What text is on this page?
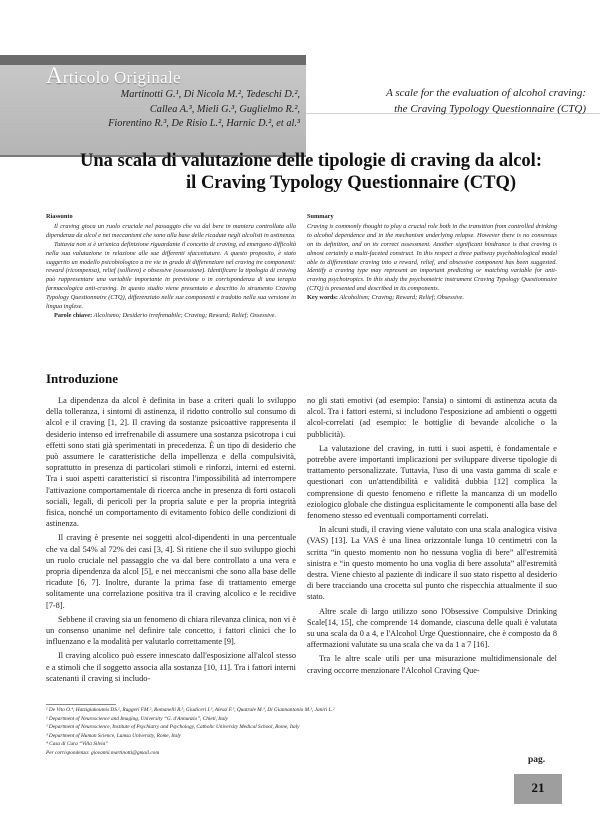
Articolo Originale
Martinotti G.¹, Di Nicola M.², Tedeschi D.²,
Callea A.³, Mieli G.³, Guglielmo R.²,
Fiorentino R.³, De Risio L.², Harnic D.², et al.³
A scale for the evaluation of alcohol craving:
the Craving Typology Questionnaire (CTQ)
Una scala di valutazione delle tipologie di craving da alcol:
il Craving Typology Questionnaire (CTQ)
Riassunto

Il craving gioca un ruolo cruciale nel passaggio che va dal bere in maniera controllata alla dipendenza da alcol e nei meccanismi che sono alla base delle ricadute negli alcolisti in astinenza.

Tuttavia non si è un'unica definizione riguardante il concetto di craving, ed emergono difficoltà nella sua valutazione in relazione alle sue differenti sfaccettature. A questo proposito, è stato suggerito un modello psicobiologico a tre vie in grado di differenziare nel craving tre componenti: reward (ricompensa), relief (sollievo) e obsessive (ossessione). Identificare la tipologia di craving può rappresentare una variabile importante in previsione o in corrispondenza di una terapia farmacologica anti-craving. In questo studio viene presentato e descritto lo strumento Craving Typology Questionnaire (CTQ), differenziato nelle sue componenti e tradotto nella sua versione in lingua inglese.

Parole chiave: Alcolismo; Desiderio irrefrenabile; Craving; Reward; Relief; Ossessive.

Summary

Craving is commonly thought to play a crucial role both in the transition from controlled drinking to alcohol dependence and in the mechanism underlying relapse. However there is no consensus on its definition, and on its correct assessment. Another significant hindrance is that craving is almost certainly a multi-faceted construct. In this respect a three pathway psychobiological model able to differentiate craving into a reward, relief, and obsessive component has been suggested. Identify a craving type may represent an important predicting or matching variable for anti-craving psychotropics. In this study the psychometric instrument Craving Typology Questionnaire (CTQ) is presented and described in its components.

Key words: Alcoholism; Craving; Reward; Relief; Obsessive.

Introduzione

La dipendenza da alcol è definita in base a criteri quali lo sviluppo della tolleranza, i sintomi di astinenza, il ridotto controllo sul consumo di alcol e il craving [1, 2]. Il craving da sostanze psicoattive rappresenta il desiderio intenso ed irrefrenabile di assumere una sostanza psicotropa i cui effetti sono stati già sperimentati in precedenza. È un tipo di desiderio che può assumere le caratteristiche della impellenza e della compulsività, soprattutto in presenza di particolari stimoli e rinforzi, interni ed esterni. Tra i suoi aspetti caratteristici si riscontra l'impossibilità ad interrompere l'attivazione comportamentale di ricerca anche in presenza di forti ostacoli sociali, legali, di pericoli per la propria salute e per la propria integrità fisica, nonché un comportamento di evitamento fobico delle condizioni di astinenza.

Il craving è presente nei soggetti alcol-dipendenti in una percentuale che va dal 54% al 72% dei casi [3, 4]. Si ritiene che il suo sviluppo giochi un ruolo cruciale nel passaggio che va dal bere controllato a una vera e propria dipendenza da alcol [5], e nei meccanismi che sono alla base delle ricadute [6, 7]. Inoltre, durante la prima fase di trattamento emerge solitamente una correlazione positiva tra il craving alcolico e le recidive [7-8].

Sebbene il craving sia un fenomeno di chiara rilevanza clinica, non vi è un consenso unanime nel definire tale concetto, i fattori clinici che lo influenzano e la modalità per valutarlo correttamente [9].

Il craving alcolico può essere innescato dall'esposizione all'alcol stesso e a stimoli che il soggetto associa alla sostanza [10, 11]. Tra i fattori interni scatenanti il craving si includo-

no gli stati emotivi (ad esempio: l'ansia) o sintomi di astinenza acuta da alcol. Tra i fattori esterni, si includono l'esposizione ad ambienti o oggetti alcol-correlati (ad esempio: le bottiglie di bevande alcoliche o la pubblicità).

La valutazione del craving, in tutti i suoi aspetti, è fondamentale e potrebbe avere importanti implicazioni per sviluppare diverse tipologie di trattamento personalizzate. Tuttavia, l'uso di una vasta gamma di scale e questionari con un'attendibilità e validità dubbia [12] complica la comprensione di questo fenomeno e riflette la mancanza di un modello eziologico globale che distingua esplicitamente le componenti alla base del fenomeno stesso ed eventuali comportamenti correlati.

In alcuni studi, il craving viene valutato con una scala analogica visiva (VAS) [13]. La VAS è una linea orizzontale lunga 10 centimetri con la scritta “in questo momento non ho nessuna voglia di bere” all'estremità sinistra e “in questo momento ho una voglia di bere assoluta” all'estremità destra. Viene chiesto al paziente di indicare il suo stato rispetto al desiderio di bere tracciando una crocetta sul punto che rispecchia attualmente il suo stato.

Altre scale di largo utilizzo sono l'Obsessive Compulsive Drinking Scale[14, 15], che comprende 14 domande, ciascuna delle quali è valutata su una scala da 0 a 4, e l'Alcohol Urge Questionnaire, che è composto da 8 affermazioni valutate su una scala che va da 1 a 7 [16].

Tra le altre scale utili per una misurazione multidimensionale del craving occorre menzionare l'Alcohol Craving Que-

¹ De Vito O.⁴, Hatzigiakoumis DS.², Ruggeri FM.², Romanelli R.³, Giudiceri I.³, Alessi F.³, Quatrale M.³, Di Giannantonio M.¹, Janiri L.²
¹ Department of Neuroscience and Imaging, University “G. d'Annunzio”, Chieti, Italy
² Department of Neuroscience, Institute of Psychiatry and Psychology, Catholic University Medical School, Rome, Italy
³ Department of Human Science, Lumsa University, Rome, Italy
⁴ Casa di Cura “Villa Silvia”
Per corrispondenza: giovanni.martinotti@gmail.com
pag.
21
